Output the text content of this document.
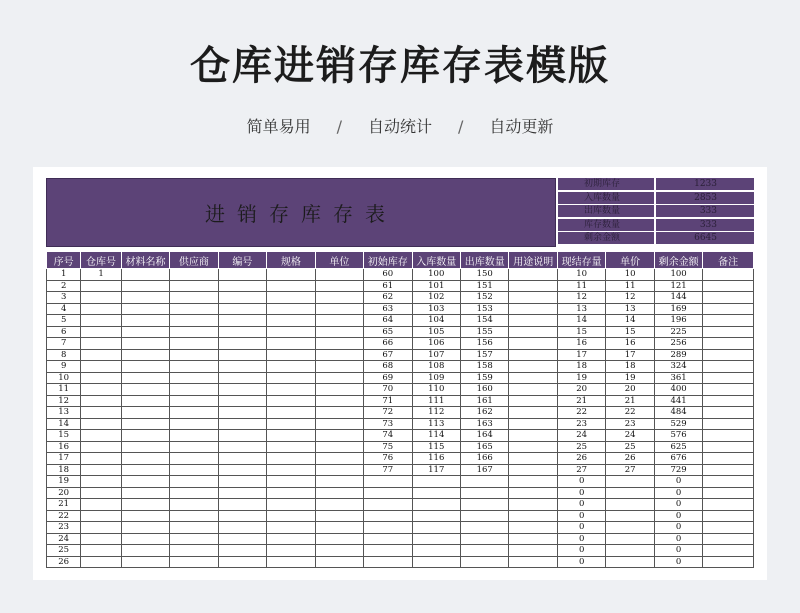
仓库进销存库存表模版
简单易用 / 自动统计 / 自动更新
进销存库存表
初期库存	1233
入库数量	2853
出库数量	333
库存数量	333
剩余金额	6645
序号	仓库号	材料名称	供应商	编号	规格	单位	初始库存	入库数量	出库数量	用途说明	现结存量	单价	剩余金额	备注
1	1						60	100	150		10	10	100	
2							61	101	151		11	11	121	
3							62	102	152		12	12	144	
4							63	103	153		13	13	169	
5							64	104	154		14	14	196	
6							65	105	155		15	15	225	
7							66	106	156		16	16	256	
8							67	107	157		17	17	289	
9							68	108	158		18	18	324	
10							69	109	159		19	19	361	
11							70	110	160		20	20	400	
12							71	111	161		21	21	441	
13							72	112	162		22	22	484	
14							73	113	163		23	23	529	
15							74	114	164		24	24	576	
16							75	115	165		25	25	625	
17							76	116	166		26	26	676	
18							77	117	167		27	27	729	
19											0		0	
20											0		0	
21											0		0	
22											0		0	
23											0		0	
24											0		0	
25											0		0	
26											0		0	
